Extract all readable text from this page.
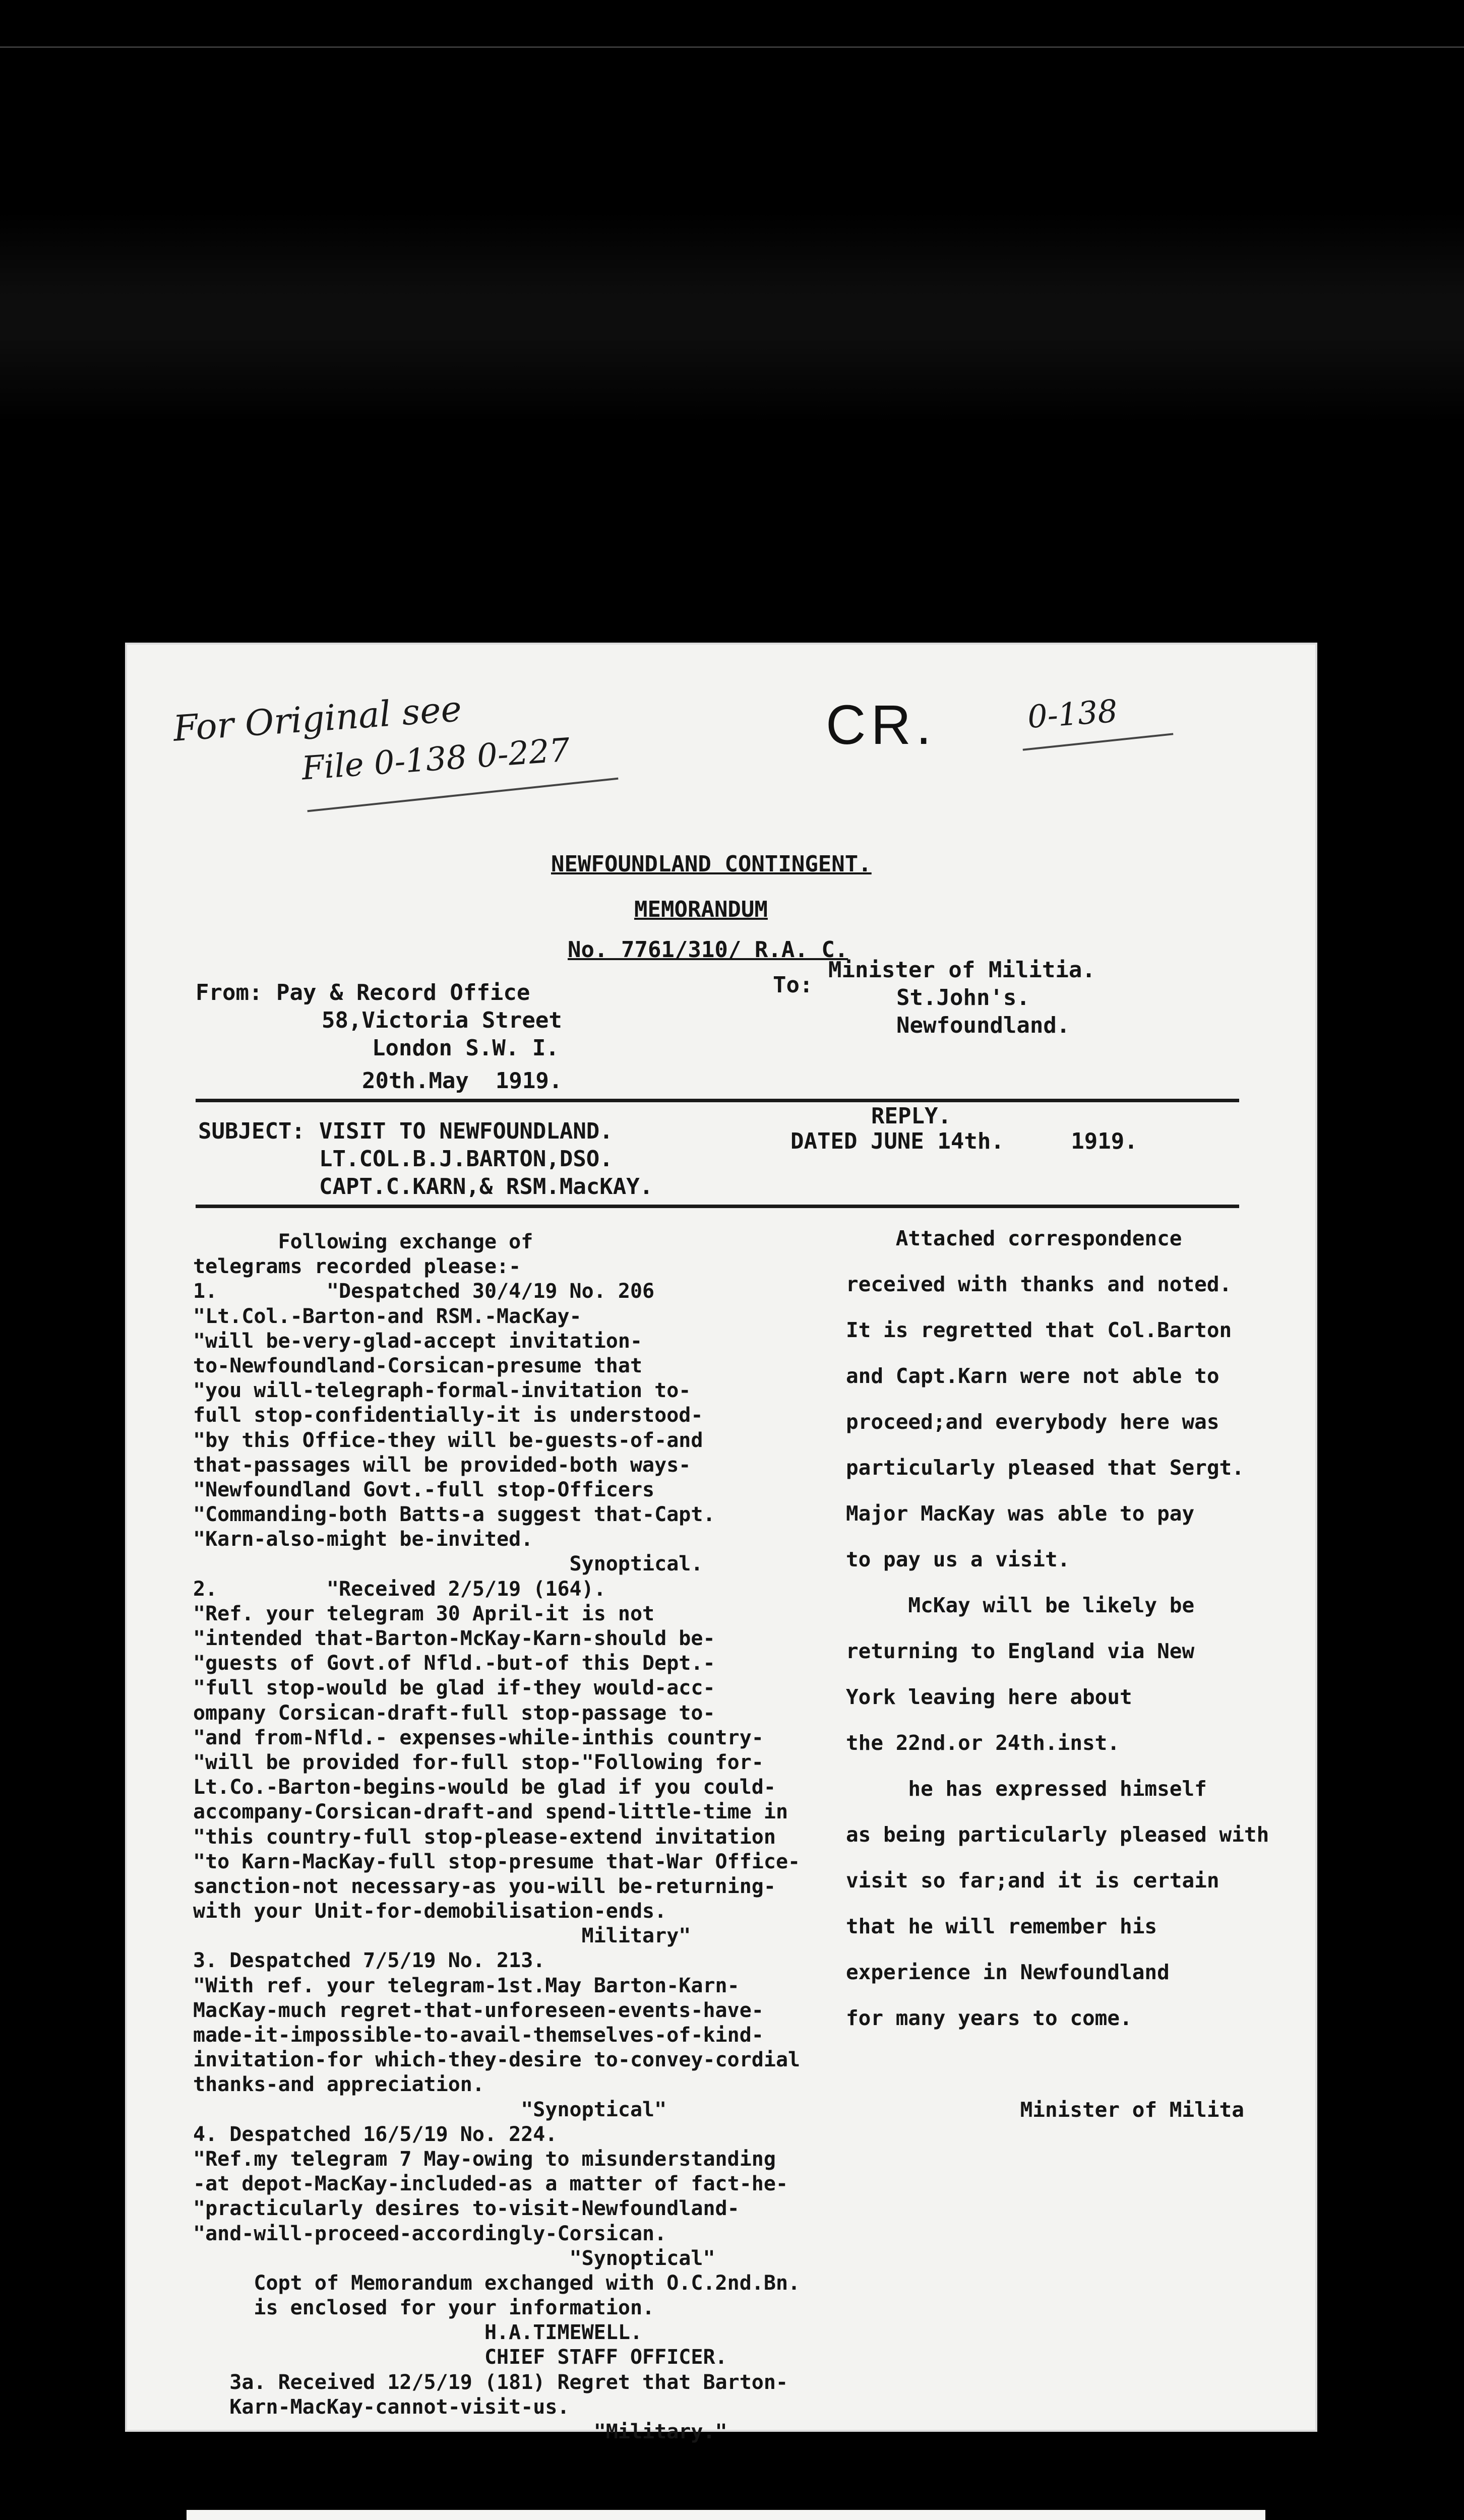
For Original see
File 0-138 0-227
0-138
CR.
NEWFOUNDLAND CONTINGENT.
MEMORANDUM
No. 7761/310/ R.A. C.
From: Pay & Record Office
58,Victoria Street
London S.W. I.
To:
Minister of Militia.
St.John's.
Newfoundland.
20th.May  1919.
SUBJECT: VISIT TO NEWFOUNDLAND.
LT.COL.B.J.BARTON,DSO.
CAPT.C.KARN,& RSM.MacKAY.
REPLY.
DATED JUNE 14th.     1919.
Following exchange of
telegrams recorded please:-
1.         "Despatched 30/4/19 No. 206
"Lt.Col.-Barton-and RSM.-MacKay-
"will be-very-glad-accept invitation-
to-Newfoundland-Corsican-presume that
"you will-telegraph-formal-invitation to-
full stop-confidentially-it is understood-
"by this Office-they will be-guests-of-and
that-passages will be provided-both ways-
"Newfoundland Govt.-full stop-Officers
"Commanding-both Batts-a suggest that-Capt.
"Karn-also-might be-invited.
Synoptical.
2.         "Received 2/5/19 (164).
"Ref. your telegram 30 April-it is not
"intended that-Barton-McKay-Karn-should be-
"guests of Govt.of Nfld.-but-of this Dept.-
"full stop-would be glad if-they would-acc-
ompany Corsican-draft-full stop-passage to-
"and from-Nfld.- expenses-while-inthis country-
"will be provided for-full stop-"Following for-
Lt.Co.-Barton-begins-would be glad if you could-
accompany-Corsican-draft-and spend-little-time in
"this country-full stop-please-extend invitation
"to Karn-MacKay-full stop-presume that-War Office-
sanction-not necessary-as you-will be-returning-
with your Unit-for-demobilisation-ends.
Military"
3. Despatched 7/5/19 No. 213.
"With ref. your telegram-1st.May Barton-Karn-
MacKay-much regret-that-unforeseen-events-have-
made-it-impossible-to-avail-themselves-of-kind-
invitation-for which-they-desire to-convey-cordial
thanks-and appreciation.
"Synoptical"
4. Despatched 16/5/19 No. 224.
"Ref.my telegram 7 May-owing to misunderstanding
-at depot-MacKay-included-as a matter of fact-he-
"practicularly desires to-visit-Newfoundland-
"and-will-proceed-accordingly-Corsican.
"Synoptical"
Copt of Memorandum exchanged with O.C.2nd.Bn.
is enclosed for your information.
H.A.TIMEWELL.
CHIEF STAFF OFFICER.
3a. Received 12/5/19 (181) Regret that Barton-
Karn-MacKay-cannot-visit-us.
"Military."
Attached correspondence
received with thanks and noted.
It is regretted that Col.Barton
and Capt.Karn were not able to
proceed;and everybody here was
particularly pleased that Sergt.
Major MacKay was able to pay
to pay us a visit.
McKay will be likely be
returning to England via New
York leaving here about
the 22nd.or 24th.inst.
he has expressed himself
as being particularly pleased with
visit so far;and it is certain
that he will remember his
experience in Newfoundland
for many years to come.
Minister of Milita
